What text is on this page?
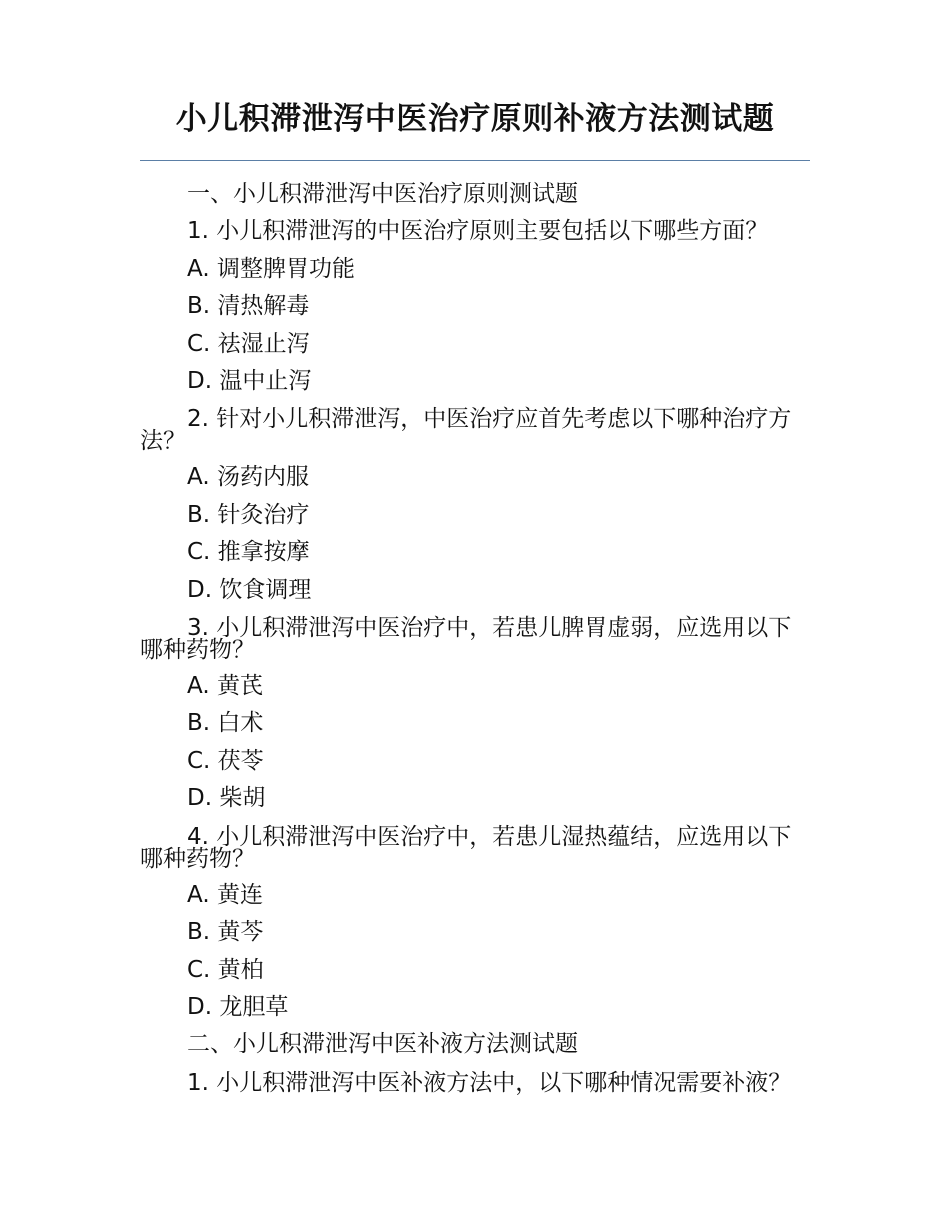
小儿积滞泄泻中医治疗原则补液方法测试题

一、小儿积滞泄泻中医治疗原则测试题

1. 小儿积滞泄泻的中医治疗原则主要包括以下哪些方面？

A. 调整脾胃功能

B. 清热解毒

C. 祛湿止泻

D. 温中止泻

2. 针对小儿积滞泄泻，中医治疗应首先考虑以下哪种治疗方法？

A. 汤药内服

B. 针灸治疗

C. 推拿按摩

D. 饮食调理

3. 小儿积滞泄泻中医治疗中，若患儿脾胃虚弱，应选用以下哪种药物？

A. 黄芪

B. 白术

C. 茯苓

D. 柴胡

4. 小儿积滞泄泻中医治疗中，若患儿湿热蕴结，应选用以下哪种药物？

A. 黄连

B. 黄芩

C. 黄柏

D. 龙胆草

二、小儿积滞泄泻中医补液方法测试题

1. 小儿积滞泄泻中医补液方法中，以下哪种情况需要补液？
